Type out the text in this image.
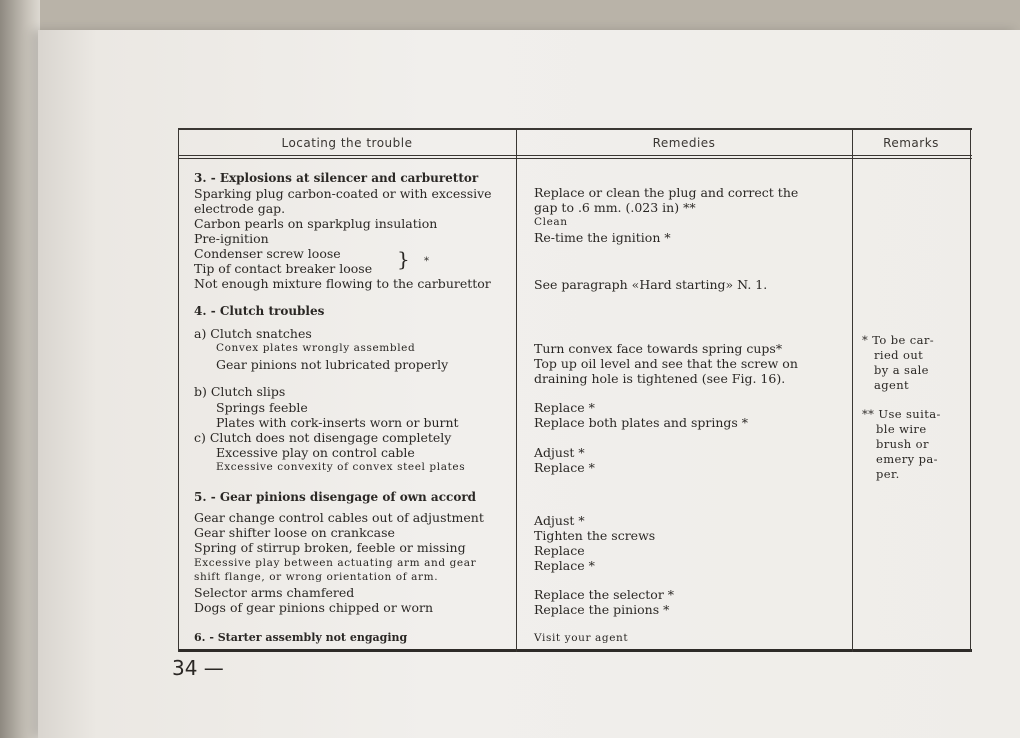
Locating the trouble	Remedies	Remarks
3. - Explosions at silencer and carburettor
Sparking plug carbon-coated or with excessive
electrode gap.
Carbon pearls on sparkplug insulation
Pre-ignition
Condenser screw loose
Tip of contact breaker loose } *
Not enough mixture flowing to the carburettor
4. - Clutch troubles
a) Clutch snatches
Convex plates wrongly assembled
Gear pinions not lubricated properly
b) Clutch slips
Springs feeble
Plates with cork-inserts worn or burnt
c) Clutch does not disengage completely
Excessive play on control cable
Excessive convexity of convex steel plates
5. - Gear pinions disengage of own accord
Gear change control cables out of adjustment
Gear shifter loose on crankcase
Spring of stirrup broken, feeble or missing
Excessive play between actuating arm and gear
shift flange, or wrong orientation of arm.
Selector arms chamfered
Dogs of gear pinions chipped or worn
6. - Starter assembly not engaging
Replace or clean the plug and correct the
gap to .6 mm. (.023 in) **
Clean
Re-time the ignition *
See paragraph «Hard starting» N. 1.
Turn convex face towards spring cups*
Top up oil level and see that the screw on
draining hole is tightened (see Fig. 16).
Replace *
Replace both plates and springs *
Adjust *
Replace *
Adjust *
Tighten the screws
Replace
Replace *
Replace the selector *
Replace the pinions *
Visit your agent
* To be car-
ried out
by a sale
agent
** Use suita-
ble wire
brush or
emery pa-
per.
34 —
